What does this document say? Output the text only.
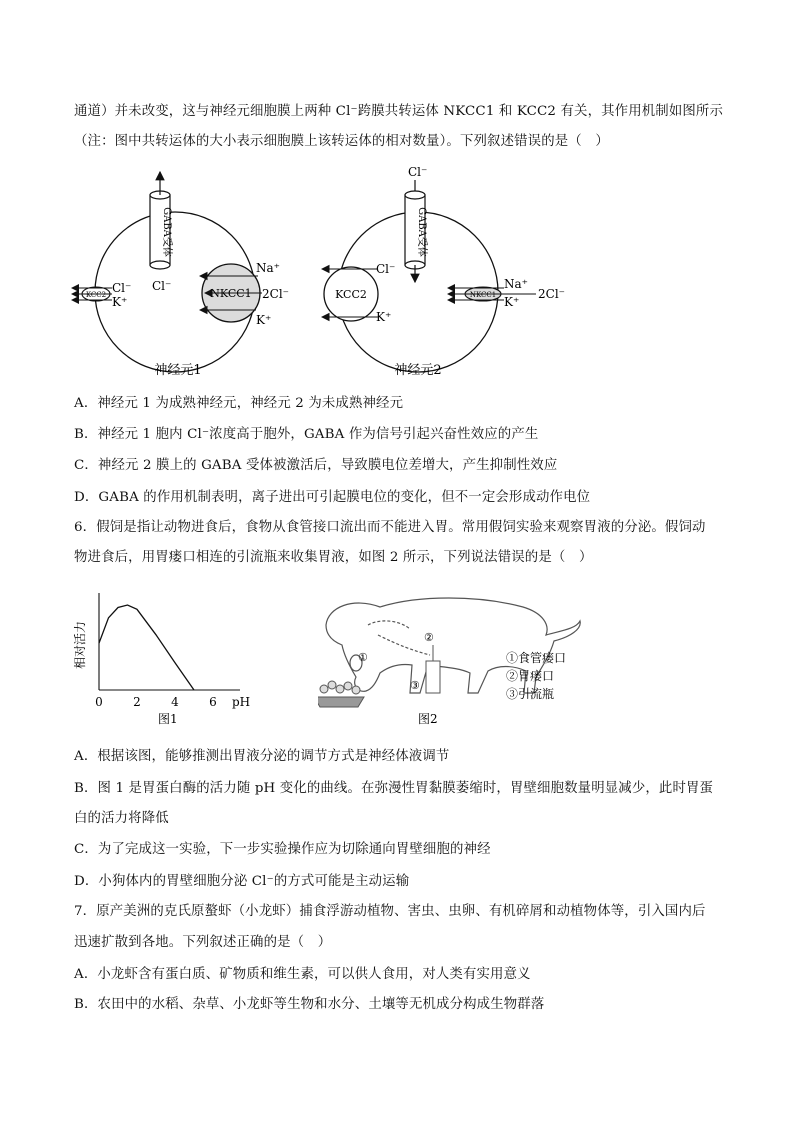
通道）并未改变，这与神经元细胞膜上两种 Cl⁻跨膜共转运体 NKCC1 和 KCC2 有关，其作用机制如图所示
（注：图中共转运体的大小表示细胞膜上该转运体的相对数量）。下列叙述错误的是（　）
GABA受体
Cl⁻
NKCC1
Na⁺
2Cl⁻
K⁺
KCC2 Cl⁻
K⁺
神经元1
Cl⁻
GABA受体
KCC2
Cl⁻
K⁺
NKCC1
Na⁺
2Cl⁻
K⁺
神经元2
A．神经元 1 为成熟神经元，神经元 2 为未成熟神经元
B．神经元 1 胞内 Cl⁻浓度高于胞外，GABA 作为信号引起兴奋性效应的产生
C．神经元 2 膜上的 GABA 受体被激活后，导致膜电位差增大，产生抑制性效应
D．GABA 的作用机制表明，离子进出可引起膜电位的变化，但不一定会形成动作电位
6．假饲是指让动物进食后，食物从食管接口流出而不能进入胃。常用假饲实验来观察胃液的分泌。假饲动
物进食后，用胃瘘口相连的引流瓶来收集胃液，如图 2 所示，下列说法错误的是（　）
相对活力
pH
0	2	4	6
图1
①
②
③
①食管瘘口
②胃瘘口
③引流瓶
图2
A．根据该图，能够推测出胃液分泌的调节方式是神经体液调节
B．图 1 是胃蛋白酶的活力随 pH 变化的曲线。在弥漫性胃黏膜萎缩时，胃壁细胞数量明显减少，此时胃蛋
白的活力将降低
C．为了完成这一实验，下一步实验操作应为切除通向胃壁细胞的神经
D．小狗体内的胃壁细胞分泌 Cl⁻的方式可能是主动运输
7．原产美洲的克氏原螯虾（小龙虾）捕食浮游动植物、害虫、虫卵、有机碎屑和动植物体等，引入国内后
迅速扩散到各地。下列叙述正确的是（　）
A．小龙虾含有蛋白质、矿物质和维生素，可以供人食用，对人类有实用意义
B．农田中的水稻、杂草、小龙虾等生物和水分、土壤等无机成分构成生物群落
